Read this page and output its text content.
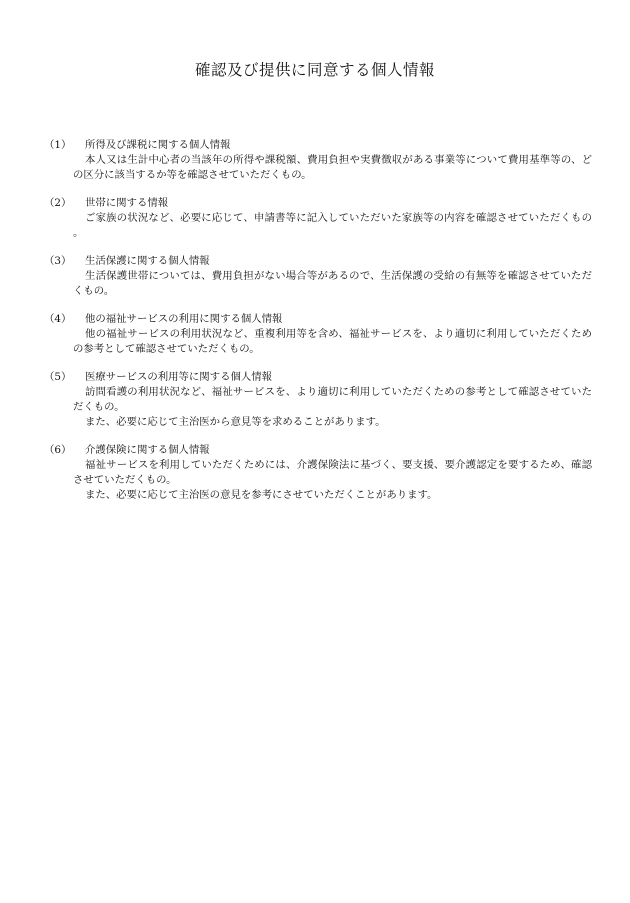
確認及び提供に同意する個人情報
（1）	所得及び課税に関する個人情報

本人又は生計中心者の当該年の所得や課税額、費用負担や実費徴収がある事業等について費用基準等の、どの区分に該当するか等を確認させていただくもの。

（2）	世帯に関する情報

ご家族の状況など、必要に応じて、申請書等に記入していただいた家族等の内容を確認させていただくもの。

（3）	生活保護に関する個人情報

生活保護世帯については、費用負担がない場合等があるので、生活保護の受給の有無等を確認させていただくもの。

（4）	他の福祉サービスの利用に関する個人情報

他の福祉サービスの利用状況など、重複利用等を含め、福祉サービスを、より適切に利用していただくための参考として確認させていただくもの。

（5）	医療サービスの利用等に関する個人情報

訪問看護の利用状況など、福祉サービスを、より適切に利用していただくための参考として確認させていただくもの。

また、必要に応じて主治医から意見等を求めることがあります。

（6）	介護保険に関する個人情報

福祉サービスを利用していただくためには、介護保険法に基づく、要支援、要介護認定を要するため、確認させていただくもの。

また、必要に応じて主治医の意見を参考にさせていただくことがあります。
